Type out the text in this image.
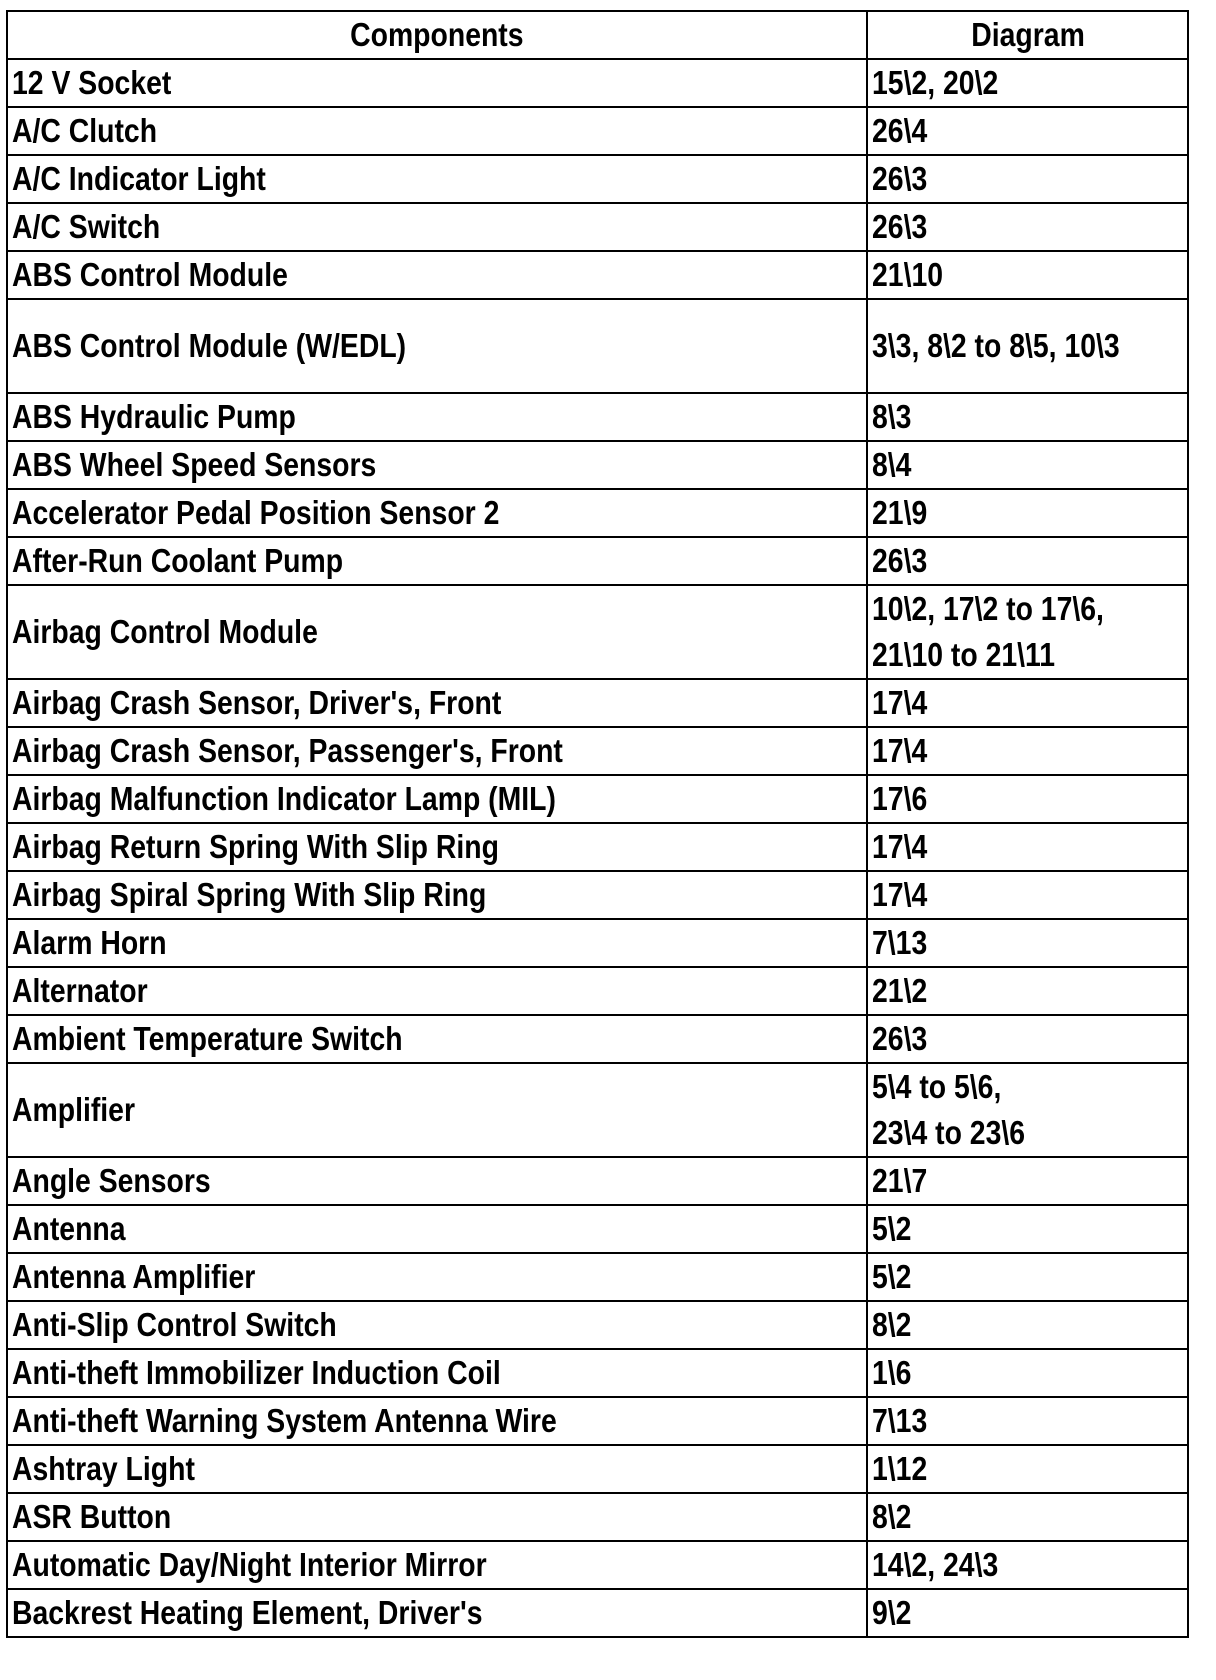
Components	Diagram
12 V Socket	15\2, 20\2
A/C Clutch	26\4
A/C Indicator Light	26\3
A/C Switch	26\3
ABS Control Module	21\10
ABS Control Module (W/EDL)	3\3, 8\2 to 8\5, 10\3
ABS Hydraulic Pump	8\3
ABS Wheel Speed Sensors	8\4
Accelerator Pedal Position Sensor 2	21\9
After-Run Coolant Pump	26\3
Airbag Control Module	10\2, 17\2 to 17\6,
21\10 to 21\11
Airbag Crash Sensor, Driver's, Front	17\4
Airbag Crash Sensor, Passenger's, Front	17\4
Airbag Malfunction Indicator Lamp (MIL)	17\6
Airbag Return Spring With Slip Ring	17\4
Airbag Spiral Spring With Slip Ring	17\4
Alarm Horn	7\13
Alternator	21\2
Ambient Temperature Switch	26\3
Amplifier	5\4 to 5\6,
23\4 to 23\6
Angle Sensors	21\7
Antenna	5\2
Antenna Amplifier	5\2
Anti-Slip Control Switch	8\2
Anti-theft Immobilizer Induction Coil	1\6
Anti-theft Warning System Antenna Wire	7\13
Ashtray Light	1\12
ASR Button	8\2
Automatic Day/Night Interior Mirror	14\2, 24\3
Backrest Heating Element, Driver's	9\2
